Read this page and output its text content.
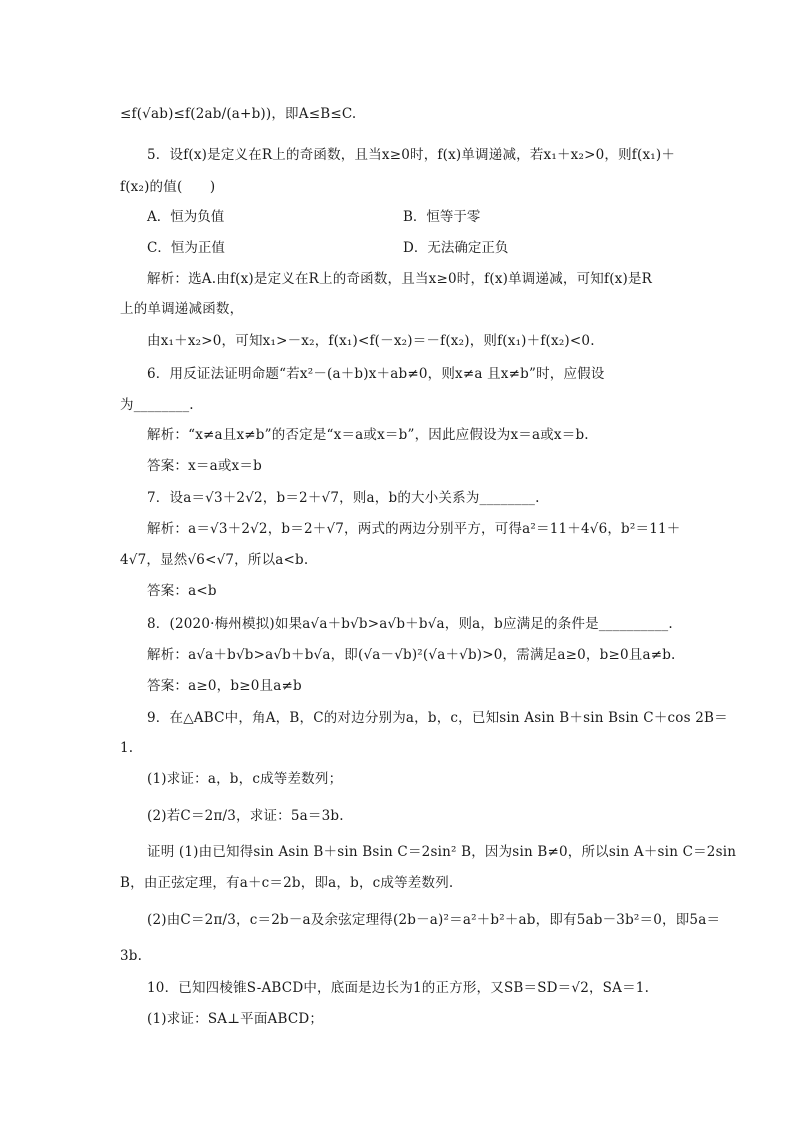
≤f(√ab)≤f(2ab/(a+b))，即A≤B≤C.
5．设f(x)是定义在R上的奇函数，且当x≥0时，f(x)单调递减，若x₁＋x₂>0，则f(x₁)＋
f(x₂)的值(　　)
A．恒为负值	B．恒等于零
C．恒为正值	D．无法确定正负
解析：选A.由f(x)是定义在R上的奇函数，且当x≥0时，f(x)单调递减，可知f(x)是R
上的单调递减函数，
由x₁＋x₂>0，可知x₁>－x₂，f(x₁)<f(－x₂)＝－f(x₂)，则f(x₁)＋f(x₂)<0.
6．用反证法证明命题“若x²－(a＋b)x＋ab≠0，则x≠a 且x≠b”时，应假设
为________.
解析：“x≠a且x≠b”的否定是“x＝a或x＝b”，因此应假设为x＝a或x＝b.
答案：x＝a或x＝b
7．设a＝√3＋2√2，b＝2＋√7，则a，b的大小关系为________.
解析：a＝√3＋2√2，b＝2＋√7，两式的两边分别平方，可得a²＝11＋4√6，b²＝11＋
4√7，显然√6<√7，所以a<b.
答案：a<b
8．(2020·梅州模拟)如果a√a＋b√b>a√b＋b√a，则a，b应满足的条件是__________.
解析：a√a＋b√b>a√b＋b√a，即(√a－√b)²(√a＋√b)>0，需满足a≥0，b≥0且a≠b.
答案：a≥0，b≥0且a≠b
9．在△ABC中，角A，B，C的对边分别为a，b，c，已知sin Asin B＋sin Bsin C＋cos 2B＝
1.
(1)求证：a，b，c成等差数列；
(2)若C＝2π/3，求证：5a＝3b.
证明 (1)由已知得sin Asin B＋sin Bsin C＝2sin² B，因为sin B≠0，所以sin A＋sin C＝2sin
B，由正弦定理，有a＋c＝2b，即a，b，c成等差数列.
(2)由C＝2π/3，c＝2b－a及余弦定理得(2b－a)²＝a²＋b²＋ab，即有5ab－3b²＝0，即5a＝
3b.
10．已知四棱锥S-ABCD中，底面是边长为1的正方形，又SB＝SD＝√2，SA＝1.
(1)求证：SA⊥平面ABCD；
